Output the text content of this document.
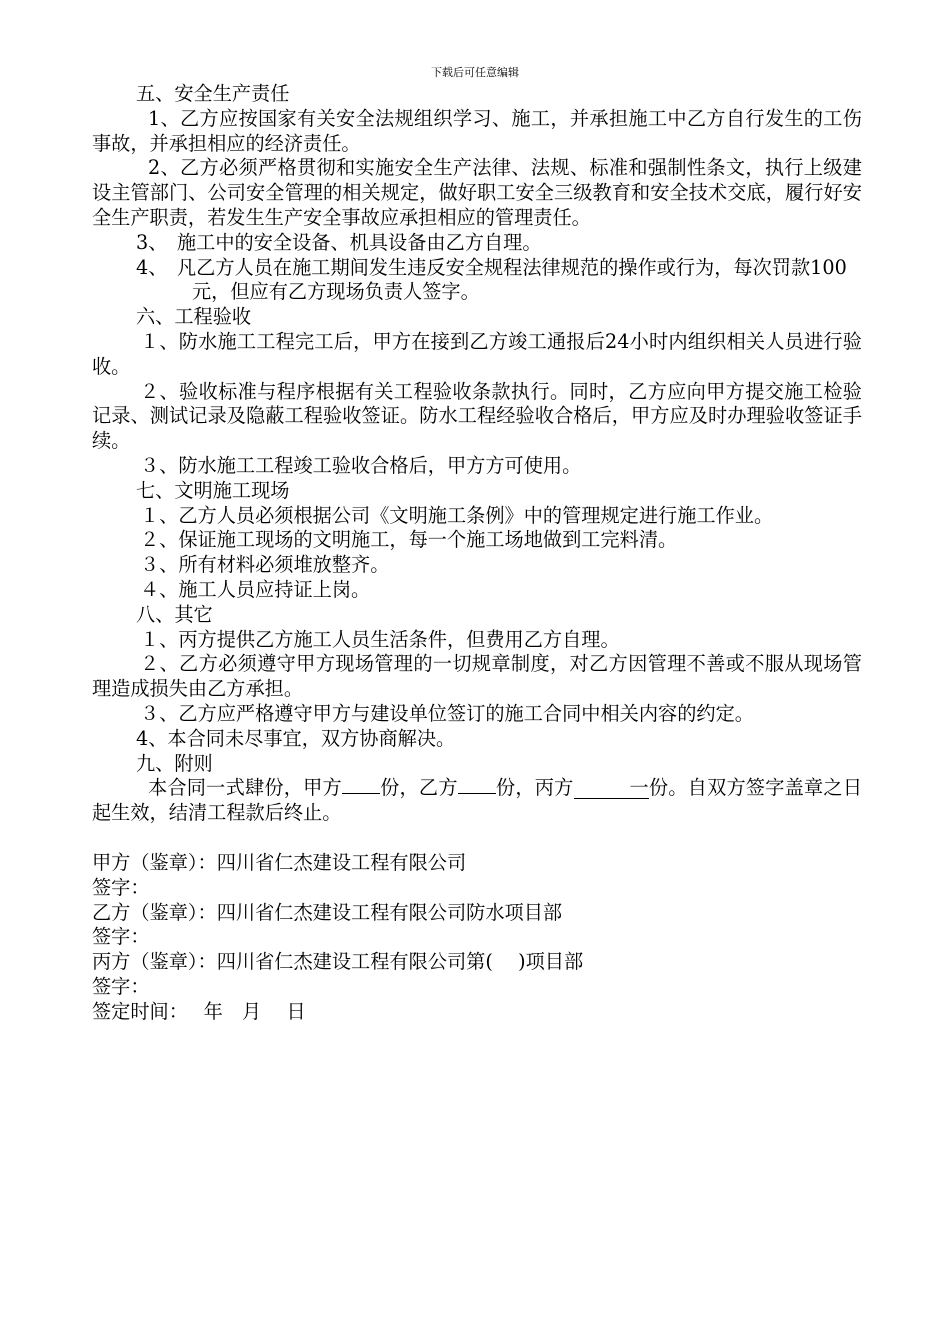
下载后可任意编辑

五、安全生产责任

1、乙方应按国家有关安全法规组织学习、施工，并承担施工中乙方自行发生的工伤事故，并承担相应的经济责任。

2、乙方必须严格贯彻和实施安全生产法律、法规、标准和强制性条文，执行上级建设主管部门、公司安全管理的相关规定，做好职工安全三级教育和安全技术交底，履行好安全生产职责，若发生生产安全事故应承担相应的管理责任。

3、　施工中的安全设备、机具设备由乙方自理。

4、　凡乙方人员在施工期间发生违反安全规程法律规范的操作或行为，每次罚款100元，但应有乙方现场负责人签字。

六、工程验收

１、防水施工工程完工后，甲方在接到乙方竣工通报后24小时内组织相关人员进行验收。

２、验收标准与程序根据有关工程验收条款执行。同时，乙方应向甲方提交施工检验记录、测试记录及隐蔽工程验收签证。防水工程经验收合格后，甲方应及时办理验收签证手续。

３、防水施工工程竣工验收合格后，甲方方可使用。

七、文明施工现场

１、乙方人员必须根据公司《文明施工条例》中的管理规定进行施工作业。

２、保证施工现场的文明施工，每一个施工场地做到工完料清。

３、所有材料必须堆放整齐。

４、施工人员应持证上岗。

八、其它

１、丙方提供乙方施工人员生活条件，但费用乙方自理。

２、乙方必须遵守甲方现场管理的一切规章制度，对乙方因管理不善或不服从现场管理造成损失由乙方承担。

３、乙方应严格遵守甲方与建设单位签订的施工合同中相关内容的约定。

4、本合同未尽事宜，双方协商解决。

九、附则

本合同一式肆份，甲方 份，乙方 份，丙方	一份。自双方签字盖章之日起生效，结清工程款后终止。

甲方（鉴章）：四川省仁杰建设工程有限公司

签字：

乙方（鉴章）：四川省仁杰建设工程有限公司防水项目部

签字：

丙方（鉴章）：四川省仁杰建设工程有限公司第(　 )项目部

签字：

签定时间：　 年　月　 日
